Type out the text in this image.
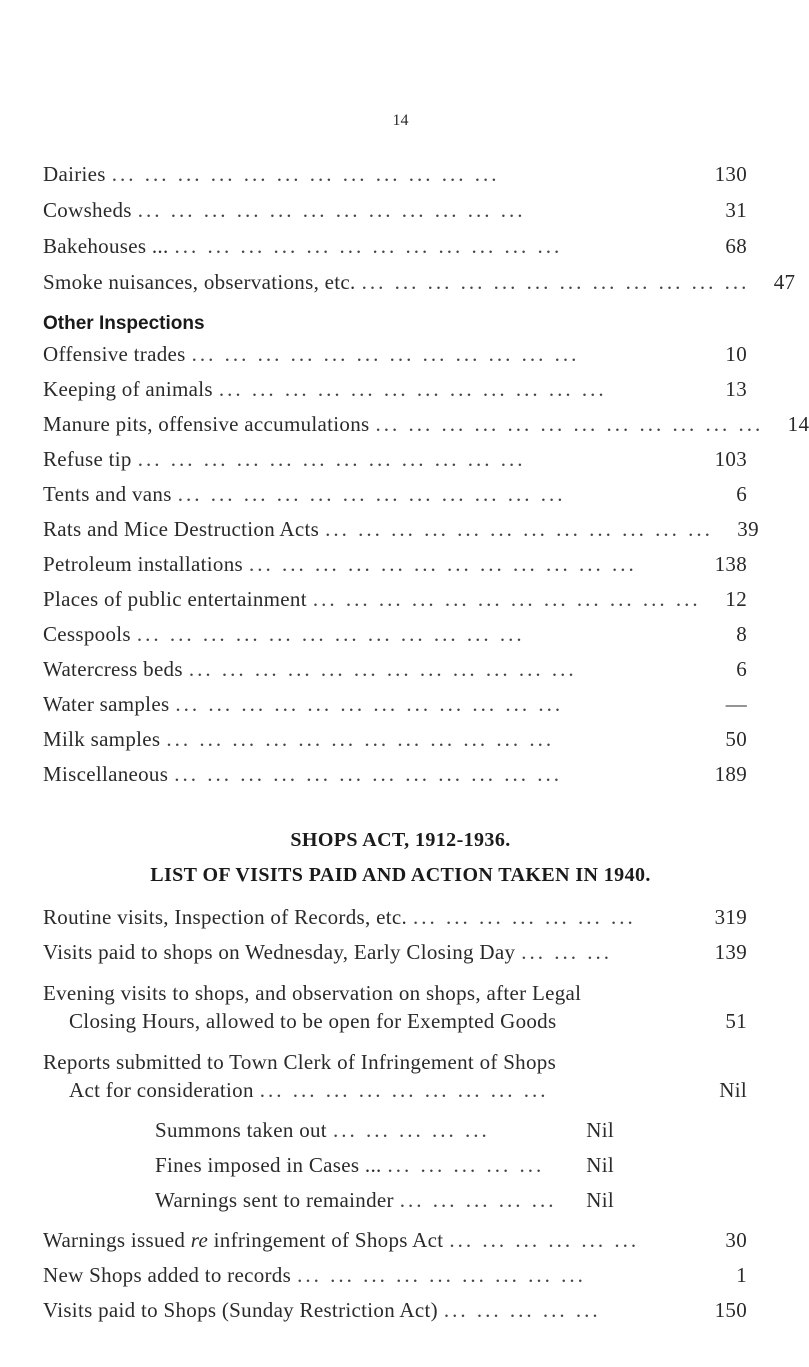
14
Dairies ... ... ... ... ... ... ... ... ... ... ... ...	130
Cowsheds ... ... ... ... ... ... ... ... ... ... ... ...	31
Bakehouses ... ... ... ... ... ... ... ... ... ... ... ... ...	68
Smoke nuisances, observations, etc. ... ... ... ... ... ... ... ... ... ... ... ...	47
Other Inspections
Offensive trades ... ... ... ... ... ... ... ... ... ... ... ...	10
Keeping of animals ... ... ... ... ... ... ... ... ... ... ... ...	13
Manure pits, offensive accumulations ... ... ... ... ... ... ... ... ... ... ... ...	14
Refuse tip ... ... ... ... ... ... ... ... ... ... ... ...	103
Tents and vans ... ... ... ... ... ... ... ... ... ... ... ...	6
Rats and Mice Destruction Acts ... ... ... ... ... ... ... ... ... ... ... ...	39
Petroleum installations ... ... ... ... ... ... ... ... ... ... ... ...	138
Places of public entertainment ... ... ... ... ... ... ... ... ... ... ... ...	12
Cesspools ... ... ... ... ... ... ... ... ... ... ... ...	8
Watercress beds ... ... ... ... ... ... ... ... ... ... ... ...	6
Water samples ... ... ... ... ... ... ... ... ... ... ... ...	—
Milk samples ... ... ... ... ... ... ... ... ... ... ... ...	50
Miscellaneous ... ... ... ... ... ... ... ... ... ... ... ...	189
SHOPS ACT, 1912-1936.
LIST OF VISITS PAID AND ACTION TAKEN IN 1940.
Routine visits, Inspection of Records, etc. ... ... ... ... ... ... ...	319
Visits paid to shops on Wednesday, Early Closing Day ... ... ...	139
Evening visits to shops, and observation on shops, after Legal
Closing Hours, allowed to be open for Exempted Goods	51
Reports submitted to Town Clerk of Infringement of Shops
Act for consideration ... ... ... ... ... ... ... ... ...	Nil
Summons taken out ... ... ... ... ...	Nil
Fines imposed in Cases ... ... ... ... ... ...	Nil
Warnings sent to remainder ... ... ... ... ...	Nil
Warnings issued re infringement of Shops Act ... ... ... ... ... ...	30
New Shops added to records ... ... ... ... ... ... ... ... ...	1
Visits paid to Shops (Sunday Restriction Act) ... ... ... ... ...	150
